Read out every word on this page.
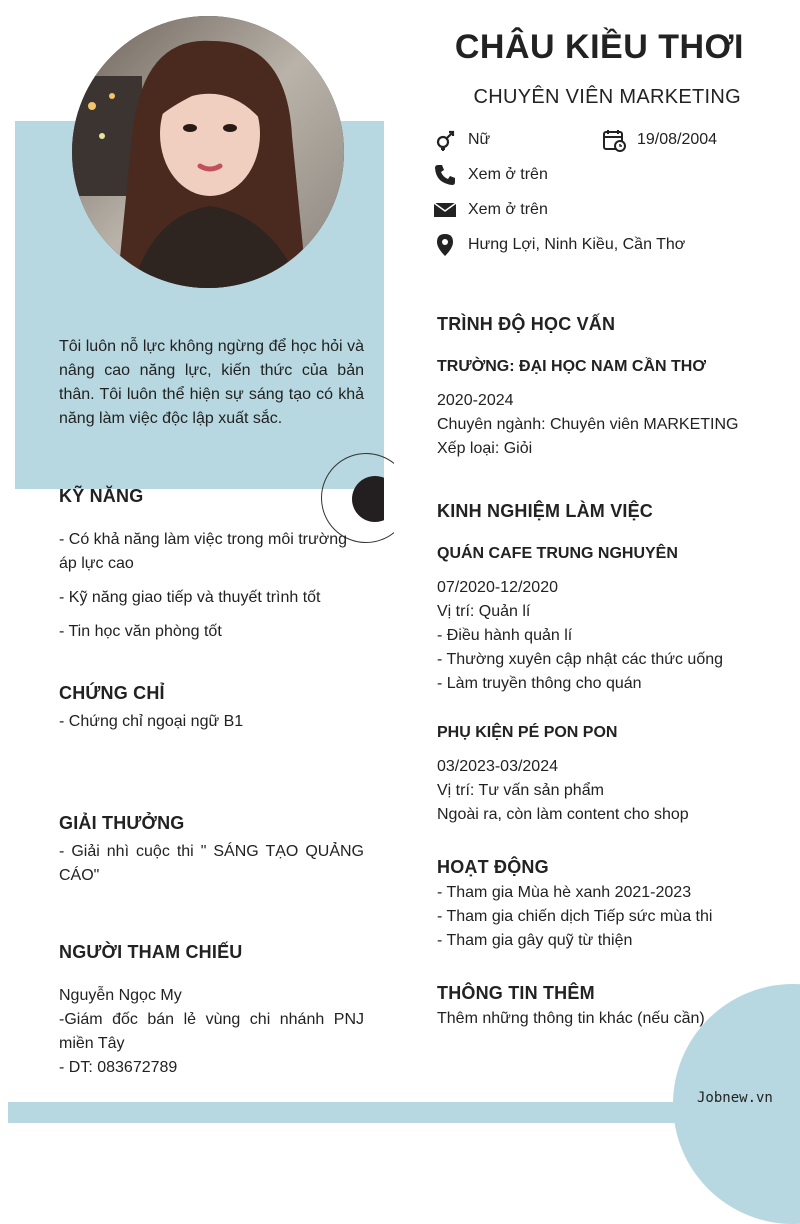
CHÂU KIỀU THƠI
CHUYÊN VIÊN MARKETING
Nữ	19/08/2004
Xem ở trên
Xem ở trên
Hưng Lợi, Ninh Kiều, Cần Thơ
Tôi luôn nỗ lực không ngừng để học hỏi và nâng cao năng lực, kiến thức của bản thân. Tôi luôn thể hiện sự sáng tạo có khả năng làm việc độc lập xuất sắc.
KỸ NĂNG
- Có khả năng làm việc trong môi trường áp lực cao
- Kỹ năng giao tiếp và thuyết trình tốt
- Tin học văn phòng tốt
CHỨNG CHỈ
- Chứng chỉ ngoại ngữ B1
GIẢI THƯỞNG
- Giải nhì cuộc thi " SÁNG TẠO QUẢNG CÁO"
NGƯỜI THAM CHIẾU
Nguyễn Ngọc My
-Giám đốc bán lẻ vùng chi nhánh PNJ miền Tây
- DT: 083672789
TRÌNH ĐỘ HỌC VẤN
TRƯỜNG: ĐẠI HỌC NAM CẦN THƠ
2020-2024
Chuyên ngành: Chuyên viên MARKETING
Xếp loại: Giỏi
KINH NGHIỆM LÀM VIỆC
QUÁN CAFE TRUNG NGHUYÊN
07/2020-12/2020
Vị trí: Quản lí
- Điều hành quản lí
- Thường xuyên cập nhật các thức uống
- Làm truyền thông cho quán
PHỤ KIỆN PÉ PON PON
03/2023-03/2024
Vị trí: Tư vấn sản phẩm
Ngoài ra, còn làm content cho shop
HOẠT ĐỘNG
- Tham gia Mùa hè xanh 2021-2023
- Tham gia chiến dịch Tiếp sức mùa thi
- Tham gia gây quỹ từ thiện
THÔNG TIN THÊM
Thêm những thông tin khác (nếu cần)
Jobnew.vn
